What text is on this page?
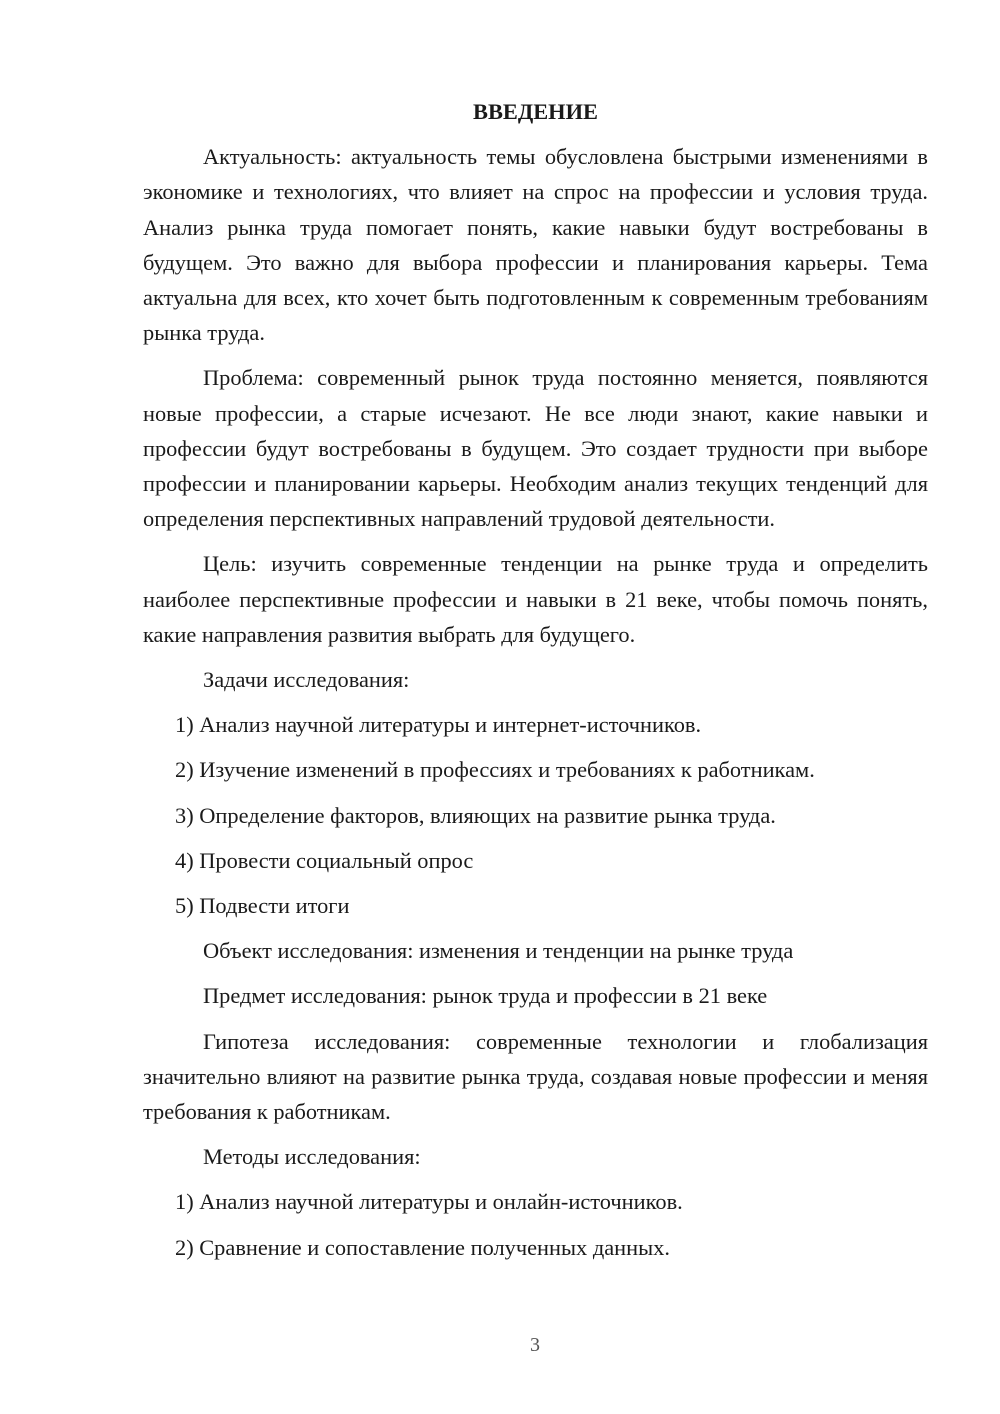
ВВЕДЕНИЕ
Актуальность: актуальность темы обусловлена быстрыми изменениями в экономике и технологиях, что влияет на спрос на профессии и условия труда. Анализ рынка труда помогает понять, какие навыки будут востребованы в будущем. Это важно для выбора профессии и планирования карьеры. Тема актуальна для всех, кто хочет быть подготовленным к современным требованиям рынка труда.
Проблема: современный рынок труда постоянно меняется, появляются новые профессии, а старые исчезают. Не все люди знают, какие навыки и профессии будут востребованы в будущем. Это создает трудности при выборе профессии и планировании карьеры. Необходим анализ текущих тенденций для определения перспективных направлений трудовой деятельности.
Цель: изучить современные тенденции на рынке труда и определить наиболее перспективные профессии и навыки в 21 веке, чтобы помочь понять, какие направления развития выбрать для будущего.
Задачи исследования:
1) Анализ научной литературы и интернет-источников.
2) Изучение изменений в профессиях и требованиях к работникам.
3) Определение факторов, влияющих на развитие рынка труда.
4) Провести социальный опрос
5) Подвести итоги
Объект исследования: изменения и тенденции на рынке труда
Предмет исследования: рынок труда и профессии в 21 веке
Гипотеза исследования: современные технологии и глобализация значительно влияют на развитие рынка труда, создавая новые профессии и меняя требования к работникам.
Методы исследования:
1) Анализ научной литературы и онлайн-источников.
2) Сравнение и сопоставление полученных данных.
3
